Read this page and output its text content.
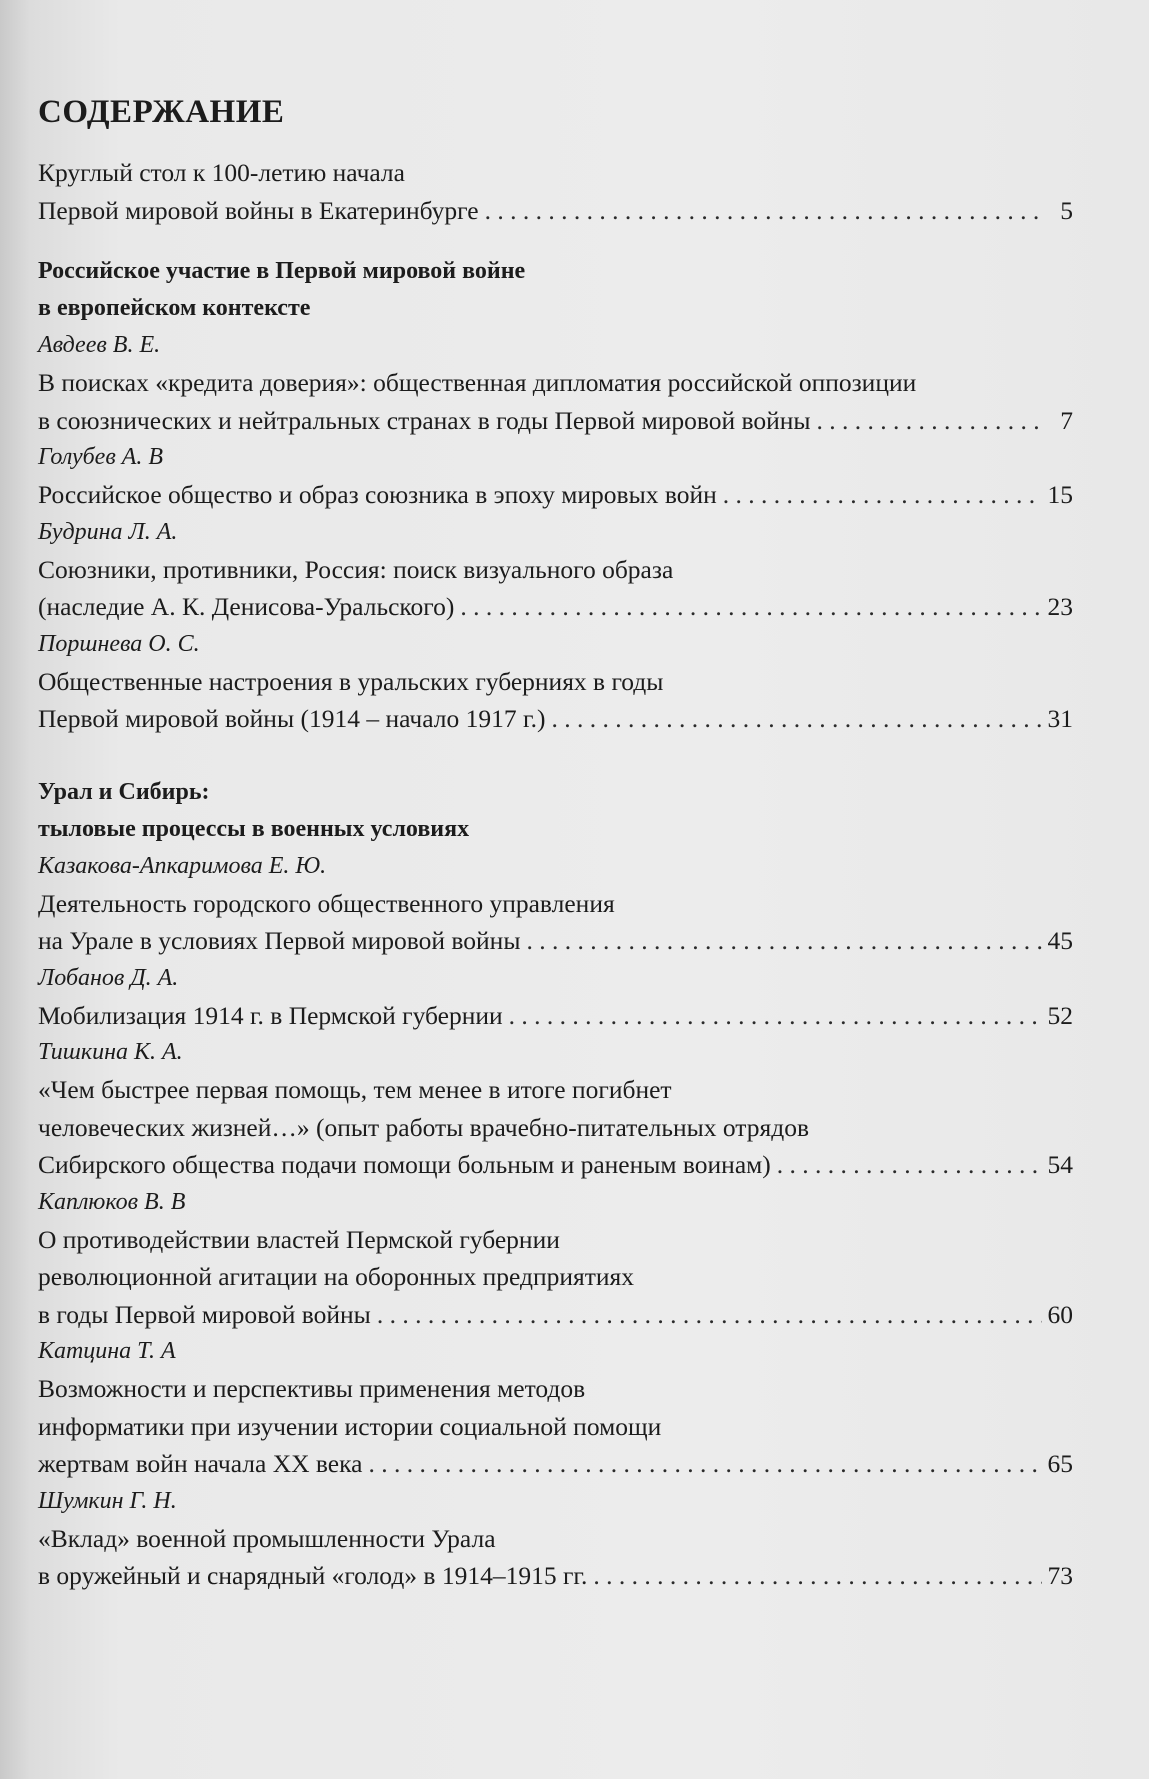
СОДЕРЖАНИЕ
Круглый стол к 100-летию начала
Первой мировой войны в Екатеринбурге . . .	5
Российское участие в Первой мировой войне
в европейском контексте
Авдеев В. Е.
В поисках «кредита доверия»: общественная дипломатия российской оппозиции
в союзнических и нейтральных странах в годы Первой мировой войны . . .	7
Голубев А. В
Российское общество и образ союзника в эпоху мировых войн . . .	15
Будрина Л. А.
Союзники, противники, Россия: поиск визуального образа
(наследие А. К. Денисова-Уральского) . . .	23
Поршнева О. С.
Общественные настроения в уральских губерниях в годы
Первой мировой войны (1914 – начало 1917 г.) . . .	31
Урал и Сибирь:
тыловые процессы в военных условиях
Казакова-Апкаримова Е. Ю.
Деятельность городского общественного управления
на Урале в условиях Первой мировой войны . . .	45
Лобанов Д. А.
Мобилизация 1914 г. в Пермской губернии . . .	52
Тишкина К. А.
«Чем быстрее первая помощь, тем менее в итоге погибнет
человеческих жизней…» (опыт работы врачебно-питательных отрядов
Сибирского общества подачи помощи больным и раненым воинам) . . .	54
Каплюков В. В
О противодействии властей Пермской губернии
революционной агитации на оборонных предприятиях
в годы Первой мировой войны . . .	60
Катцина Т. А
Возможности и перспективы применения методов
информатики при изучении истории социальной помощи
жертвам войн начала XX века . . .	65
Шумкин Г. Н.
«Вклад» военной промышленности Урала
в оружейный и снарядный «голод» в 1914–1915 гг. . . .	73
